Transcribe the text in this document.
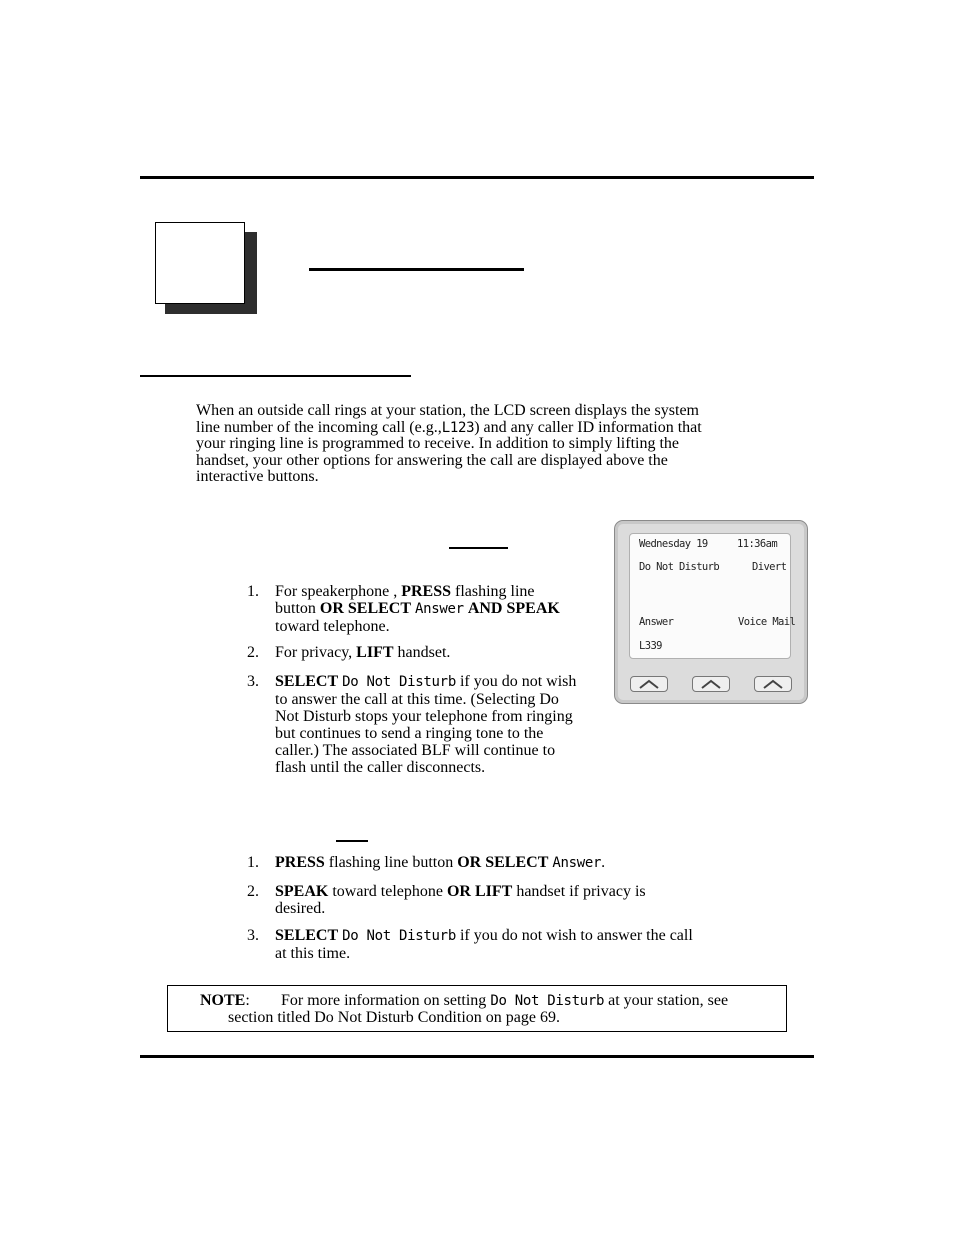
When an outside call rings at your station, the LCD screen displays the system
line number of the incoming call (e.g.,L123) and any caller ID information that
your ringing line is programmed to receive. In addition to simply lifting the
handset, your other options for answering the call are displayed above the
interactive buttons.
Wednesday 19	11:36am
Do Not Disturb	Divert
Answer	Voice Mail
L339
1. For speakerphone , PRESS flashing line
button OR SELECT Answer AND SPEAK
toward telephone.
2. For privacy, LIFT handset.
3. SELECT Do Not Disturb if you do not wish
to answer the call at this time. (Selecting Do
Not Disturb stops your telephone from ringing
but continues to send a ringing tone to the
caller.) The associated BLF will continue to
flash until the caller disconnects.
1. PRESS flashing line button OR SELECT Answer.
2. SPEAK toward telephone OR LIFT handset if privacy is
desired.
3. SELECT Do Not Disturb if you do not wish to answer the call
at this time.
NOTE:	For more information on setting Do Not Disturb at your station, see
section titled Do Not Disturb Condition on page 69.
